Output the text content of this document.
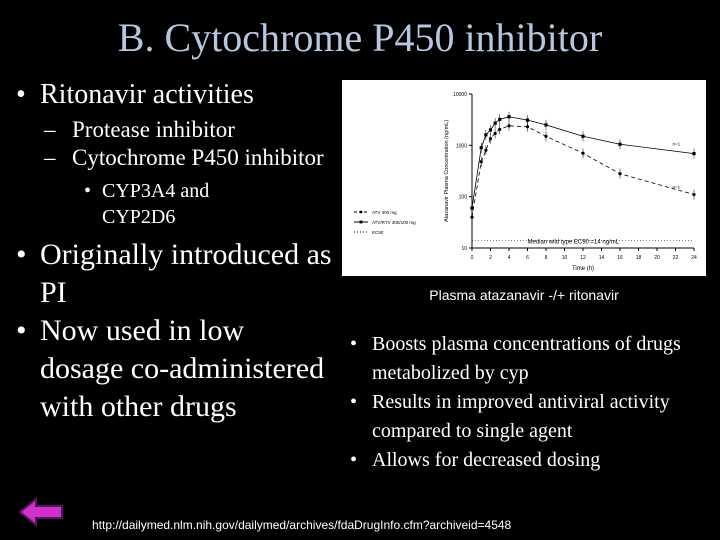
B. Cytochrome P450 inhibitor
• Ritonavir activities
– Protease inhibitor
– Cytochrome P450 inhibitor
• CYP3A4 and CYP2D6
• Originally introduced as PI
• Now used in low dosage co-administered with other drugs
10000
1000
100
10
0	2	4	6	8	10	12	14	16	18	20	22	24
Time (h)
Atazanavir Plasma Concentration (ng/mL)	n=1
n=1
Median wild type EC90 =14 ng/mL
ATV 400 mg
ATV/RTV 300/100 mg
EC90
Plasma atazanavir -/+ ritonavir
• Boosts plasma concentrations of drugs metabolized by cyp
• Results in improved antiviral activity compared to single agent
• Allows for decreased dosing
http://dailymed.nlm.nih.gov/dailymed/archives/fdaDrugInfo.cfm?archiveid=4548
